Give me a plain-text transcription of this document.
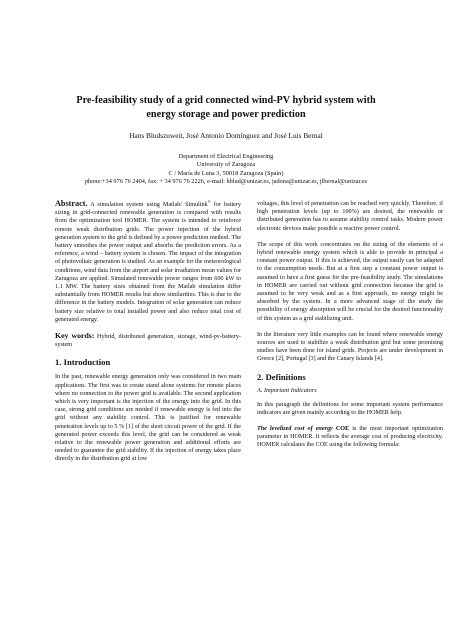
Pre-feasibility study of a grid connected wind-PV hybrid system with
energy storage and power prediction
Hans Bludszuweit, José Antonio Domínguez and José Luis Bernal
Department of Electrical Engineering
University of Zaragoza
C / María de Luna 3, 50018 Zaragoza (Spain)
phone:+34 976 76 2404, fax: + 34 976 76 2226, e-mail: hblud@unizar.es, jadona@unizar.es, jlbernal@unizar.es

Abstract. A simulation system using Matlab/ Simulink® for battery sizing in grid-connected renewable generation is compared with results from the optimization tool HOMER. The system is intended to reinforce remote weak distribution grids. The power injection of the hybrid generation system to the grid is defined by a power prediction method. The battery smoothes the power output and absorbs the prediction errors. As a reference, a wind – battery system is chosen. The impact of the integration of photovoltaic generation is studied. As an example for the meteorological conditions, wind data from the airport and solar irradiation mean values for Zaragoza are applied. Simulated renewable power ranges from 600 kW to 1.1 MW. The battery sizes obtained from the Matlab simulation differ substantially from HOMER results but show similarities. This is due to the difference in the battery models. Integration of solar generation can reduce battery size relative to total installed power and also reduce total cost of generated energy.

Key words: Hybrid, distributed generation, storage, wind-pv-battery-system

1. Introduction

In the past, renewable energy generation only was considered in two main applications. The first was to create stand alone systems for remote places where no connection to the power grid is available. The second application which is very important is the injection of the energy into the grid. In this case, strong grid conditions are needed if renewable energy is fed into the grid without any stability control. This is justified for renewable penetration levels up to 5 % [1] of the short circuit power of the grid. If the generated power exceeds this level, the grid can be considered as weak relative to the renewable power generation and additional efforts are needed to guarantee the grid stability. If the injection of energy takes place directly in the distribution grid at low

voltages, this level of penetration can be reached very quickly. Therefore, if high penetration levels (up to 100%) are desired, the renewable or distributed generation has to assume stability control tasks. Modern power electronic devices make possible a reactive power control.

The scope of this work concentrates on the sizing of the elements of a hybrid renewable energy system which is able to provide in principal a constant power output. If this is achieved, the output easily can be adapted to the consumption needs. But at a first step a constant power output is assumed to have a first guess for the pre-feasibility study. The simulations in HOMER are carried out without grid connection because the grid is assumed to be very weak and as a first approach, no energy might be absorbed by the system. In a more advanced stage of the study the possibility of energy absorption will be crucial for the desired functionality of this system as a grid stabilizing unit.

In the literature very little examples can be found where renewable energy sources are used to stabilize a weak distribution grid but some promising studies have been done for island grids. Projects are under development in Greece [2], Portugal [3] and the Canary Islands [4].

2. Definitions
A. Important Indicators

In this paragraph the definitions for some important system performance indicators are given mainly according to the HOMER help.

The levelized cost of energy COE is the most important optimization parameter in HOMER. It reflects the average cost of producing electricity. HOMER calculates the COE using the following formula:
